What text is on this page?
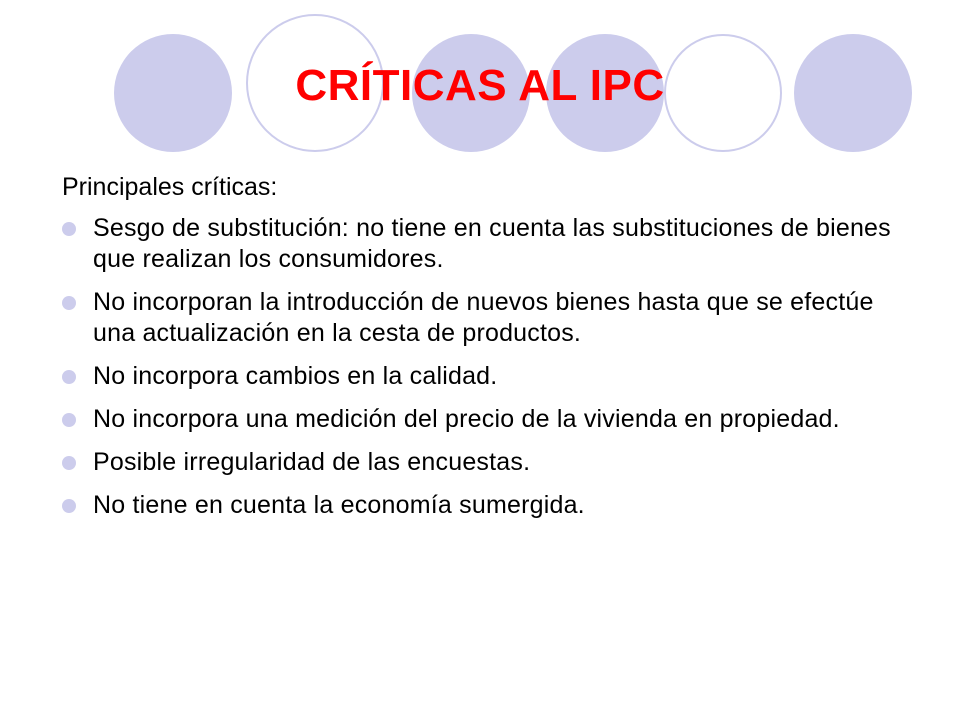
CRÍTICAS AL IPC

Principales críticas:

Sesgo de substitución: no tiene en cuenta las substituciones de bienes que realizan los consumidores.
No incorporan la introducción de nuevos bienes hasta que se efectúe una actualización en la cesta de productos.
No incorpora cambios en la calidad.
No incorpora una medición del precio de la vivienda en propiedad.
Posible irregularidad de las encuestas.
No tiene en cuenta la economía sumergida.
